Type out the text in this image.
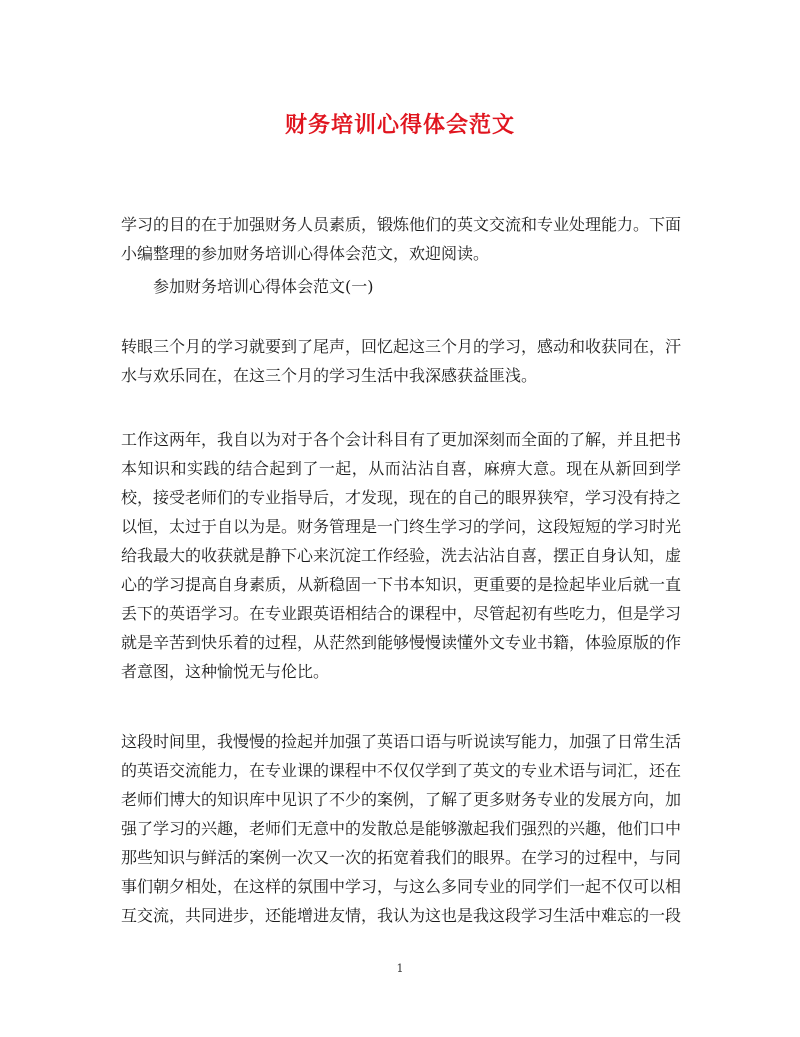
财务培训心得体会范文
学习的目的在于加强财务人员素质，锻炼他们的英文交流和专业处理能力。下面小编整理的参加财务培训心得体会范文，欢迎阅读。
参加财务培训心得体会范文(一)
转眼三个月的学习就要到了尾声，回忆起这三个月的学习，感动和收获同在，汗水与欢乐同在，在这三个月的学习生活中我深感获益匪浅。
工作这两年，我自以为对于各个会计科目有了更加深刻而全面的了解，并且把书本知识和实践的结合起到了一起，从而沾沾自喜，麻痹大意。现在从新回到学校，接受老师们的专业指导后，才发现，现在的自己的眼界狭窄，学习没有持之以恒，太过于自以为是。财务管理是一门终生学习的学问，这段短短的学习时光给我最大的收获就是静下心来沉淀工作经验，洗去沾沾自喜，摆正自身认知，虚心的学习提高自身素质，从新稳固一下书本知识，更重要的是捡起毕业后就一直丢下的英语学习。在专业跟英语相结合的课程中，尽管起初有些吃力，但是学习就是辛苦到快乐着的过程，从茫然到能够慢慢读懂外文专业书籍，体验原版的作者意图，这种愉悦无与伦比。
这段时间里，我慢慢的捡起并加强了英语口语与听说读写能力，加强了日常生活的英语交流能力，在专业课的课程中不仅仅学到了英文的专业术语与词汇，还在老师们博大的知识库中见识了不少的案例，了解了更多财务专业的发展方向，加强了学习的兴趣，老师们无意中的发散总是能够激起我们强烈的兴趣，他们口中那些知识与鲜活的案例一次又一次的拓宽着我们的眼界。在学习的过程中，与同事们朝夕相处，在这样的氛围中学习，与这么多同专业的同学们一起不仅可以相互交流，共同进步，还能增进友情，我认为这也是我这段学习生活中难忘的一段
1
